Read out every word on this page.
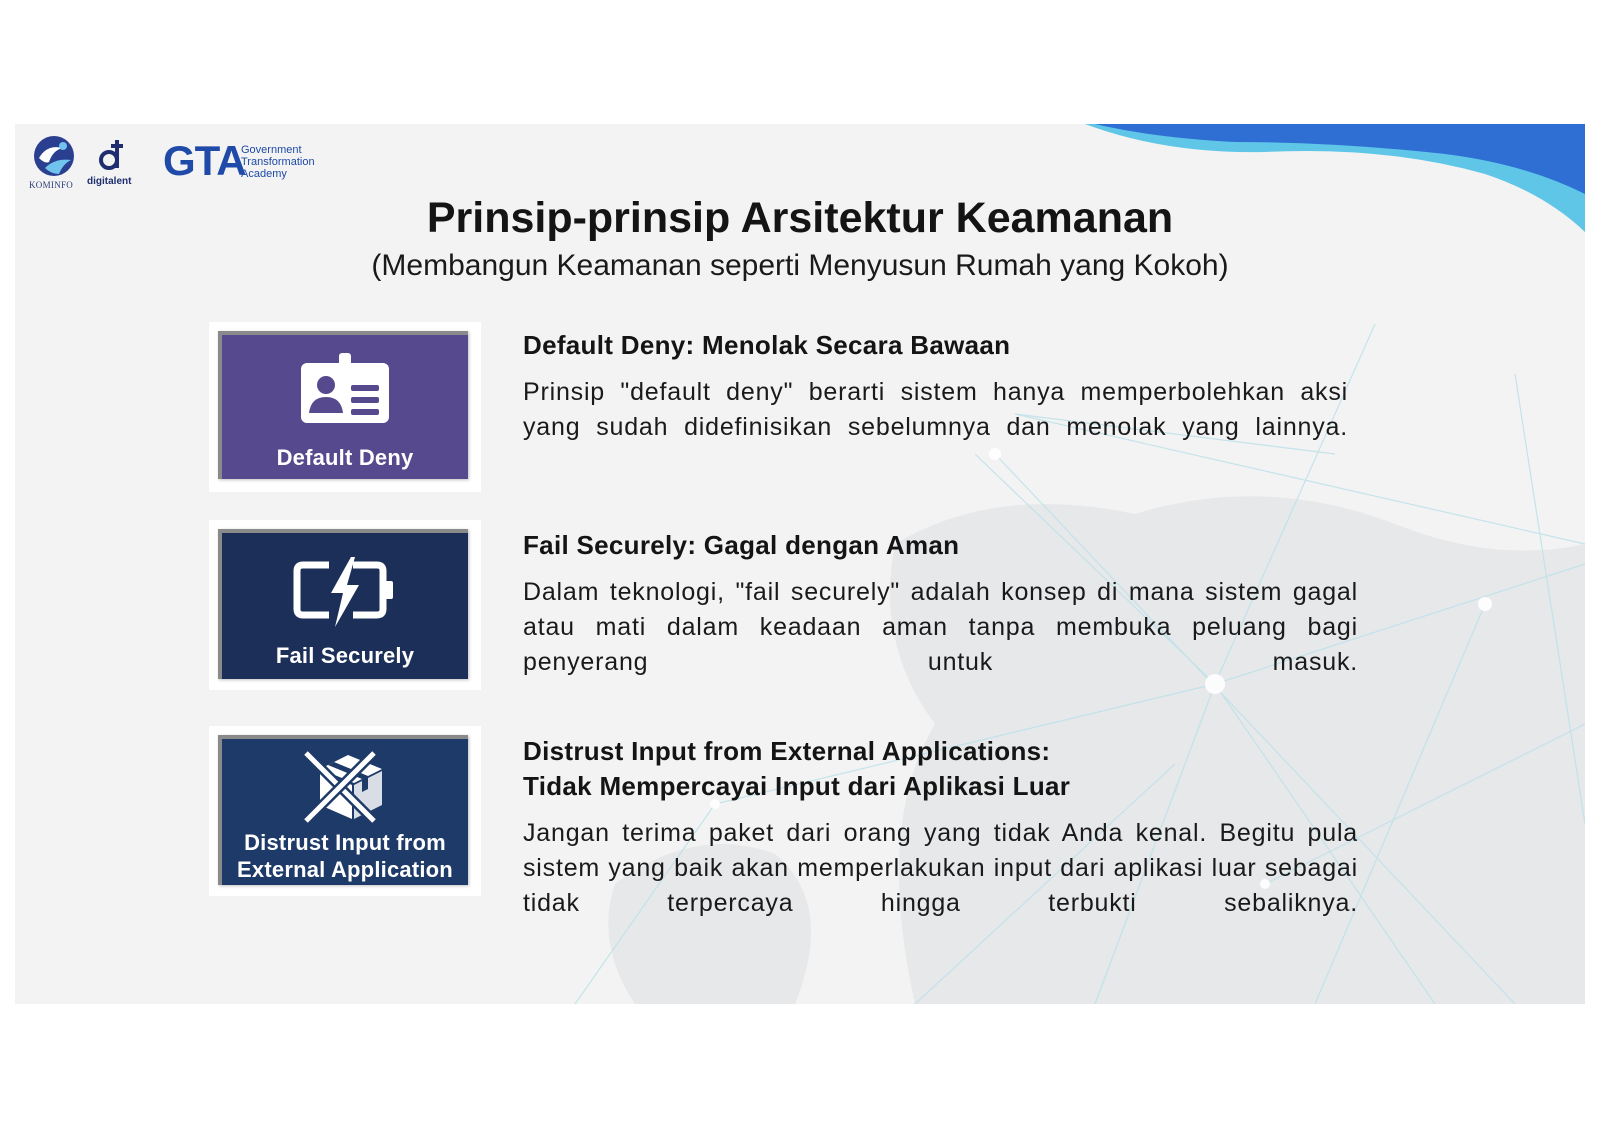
KOMINFO digitalent GTA
Government
Transformation
Academy
Prinsip-prinsip Arsitektur Keamanan
(Membangun Keamanan seperti Menyusun Rumah yang Kokoh)
Default Deny
Default Deny: Menolak Secara Bawaan
Prinsip "default deny" berarti sistem hanya memperbolehkan aksi yang sudah didefinisikan sebelumnya dan menolak yang lainnya.
Fail Securely
Fail Securely: Gagal dengan Aman
Dalam teknologi, "fail securely" adalah konsep di mana sistem gagal atau mati dalam keadaan aman tanpa membuka peluang bagi penyerang untuk masuk.
Distrust Input from
External Application
Distrust Input from External Applications:
Tidak Mempercayai Input dari Aplikasi Luar
Jangan terima paket dari orang yang tidak Anda kenal. Begitu pula sistem yang baik akan memperlakukan input dari aplikasi luar sebagai tidak terpercaya hingga terbukti sebaliknya.
